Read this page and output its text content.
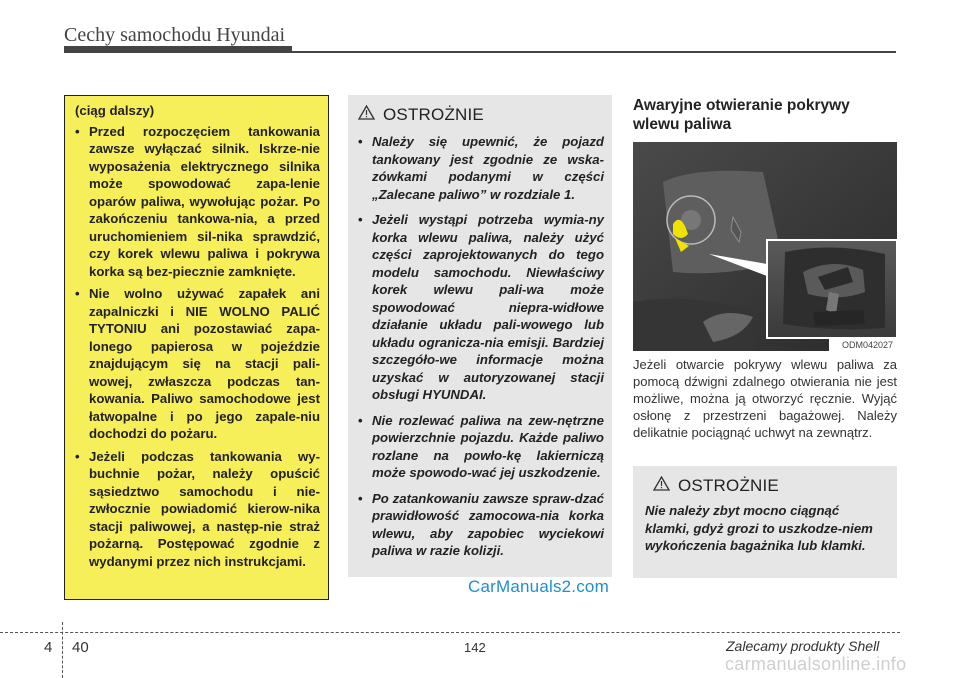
Cechy samochodu Hyundai
(ciąg dalszy)
• Przed rozpoczęciem tankowania zawsze wyłączać silnik. Iskrze-nie wyposażenia elektrycznego silnika może spowodować zapa-lenie oparów paliwa, wywołując pożar. Po zakończeniu tankowa-nia, a przed uruchomieniem sil-nika sprawdzić, czy korek wlewu paliwa i pokrywa korka są bez-piecznie zamknięte.
• Nie wolno używać zapałek ani zapalniczki i NIE WOLNO PALIĆ TYTONIU ani pozostawiać zapa-lonego papierosa w pojeździe znajdującym się na stacji pali-wowej, zwłaszcza podczas tan-kowania. Paliwo samochodowe jest łatwopalne i po jego zapale-niu dochodzi do pożaru.
• Jeżeli podczas tankowania wy-buchnie pożar, należy opuścić sąsiedztwo samochodu i nie-zwłocznie powiadomić kierow-nika stacji paliwowej, a następ-nie straż pożarną. Postępować zgodnie z wydanymi przez nich instrukcjami.
OSTROŻNIE
• Należy się upewnić, że pojazd tankowany jest zgodnie ze wska-zówkami podanymi w części „Zalecane paliwo” w rozdziale 1.
• Jeżeli wystąpi potrzeba wymia-ny korka wlewu paliwa, należy użyć części zaprojektowanych do tego modelu samochodu. Niewłaściwy korek wlewu pali-wa może spowodować niepra-widłowe działanie układu pali-wowego lub układu ogranicza-nia emisji. Bardziej szczegóło-we informacje można uzyskać w autoryzowanej stacji obsługi HYUNDAI.
• Nie rozlewać paliwa na zew-nętrzne powierzchnie pojazdu. Każde paliwo rozlane na powło-kę lakierniczą może spowodo-wać jej uszkodzenie.
• Po zatankowaniu zawsze spraw-dzać prawidłowość zamocowa-nia korka wlewu, aby zapobiec wyciekowi paliwa w razie kolizji.
Awaryjne otwieranie pokrywy wlewu paliwa
ODM042027

Jeżeli otwarcie pokrywy wlewu paliwa za pomocą dźwigni zdalnego otwierania nie jest możliwe, można ją otworzyć ręcznie. Wyjąć osłonę z przestrzeni bagażowej. Należy delikatnie pociągnąć uchwyt na zewnątrz.

OSTROŻNIE

Nie należy zbyt mocno ciągnąć klamki, gdyż grozi to uszkodze-niem wykończenia bagażnika lub klamki.

CarManuals2.com
4 40	142	Zalecamy produkty Shell
carmanualsonline.info
